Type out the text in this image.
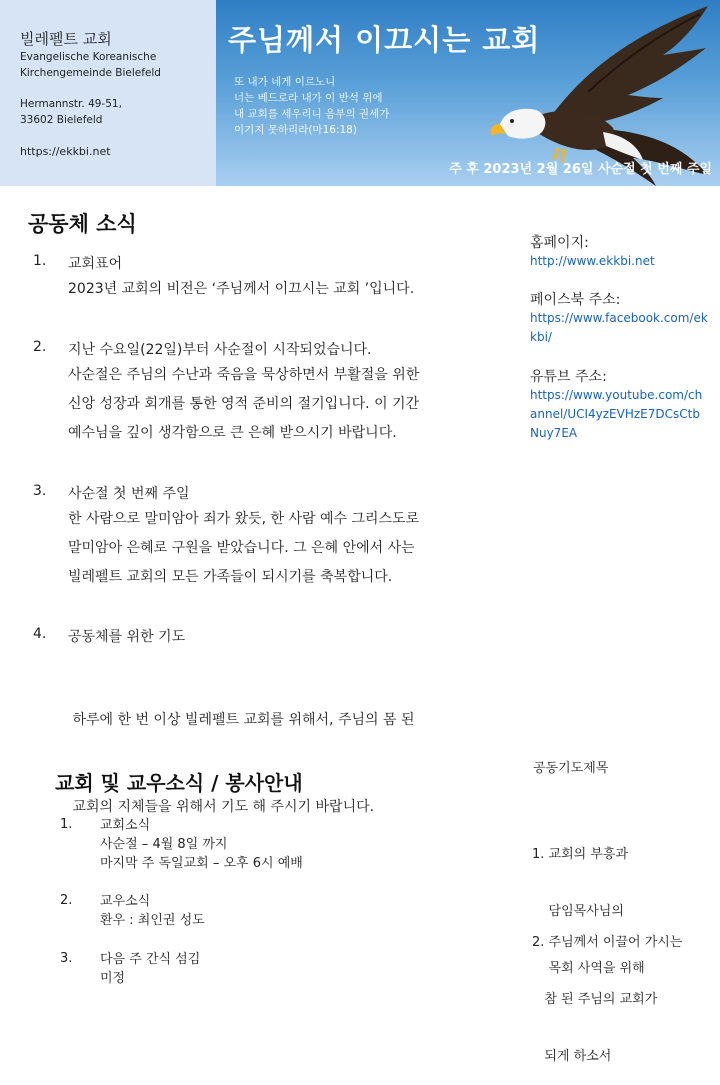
빌레펠트 교회
Evangelische Koreanische
Kirchengemeinde Bielefeld
Hermannstr. 49-51,
33602 Bielefeld
https://ekkbi.net
주님께서 이끄시는 교회
또 내가 네게 이르노니
너는 베드로라 내가 이 반석 위에
내 교회를 세우리니 음부의 권세가
이기지 못하리라(마16:18)
주 후 2023년 2월 26일 사순절 첫 번째 주일
공동체 소식
1. 교회표어
2023년 교회의 비전은 ‘주님께서 이끄시는 교회 ’입니다.
2. 지난 수요일(22일)부터 사순절이 시작되었습니다.
사순절은 주님의 수난과 죽음을 묵상하면서 부활절을 위한
신앙 성장과 회개를 통한 영적 준비의 절기입니다. 이 기간
예수님을 깊이 생각함으로 큰 은혜 받으시기 바랍니다.
3. 사순절 첫 번째 주일
한 사람으로 말미암아 죄가 왔듯, 한 사람 예수 그리스도로
말미암아 은혜로 구원을 받았습니다. 그 은혜 안에서 사는
빌레펠트 교회의 모든 가족들이 되시기를 축복합니다.
4. 공동체를 위한 기도

하루에 한 번 이상 빌레펠트 교회를 위해서, 주님의 몸 된

교회의 지체들을 위해서 기도 해 주시기 바랍니다.

홈페이지:
http://www.ekkbi.net
페이스북 주소:
https://www.facebook.com/ekkbi/
유튜브 주소:
https://www.youtube.com/channel/UCI4yzEVHzE7DCsCtbNuy7EA
교회 및 교우소식 / 봉사안내
1. 교회소식
사순절 – 4월 8일 까지
마지막 주 독일교회 – 오후 6시 예배
2. 교우소식
환우 : 최인권 성도
3. 다음 주 간식 섬김
미정
공동기도제목

1. 교회의 부흥과

담임목사님의

목회 사역을 위해

2. 주님께서 이끌어 가시는

참 된 주님의 교회가

되게 하소서
